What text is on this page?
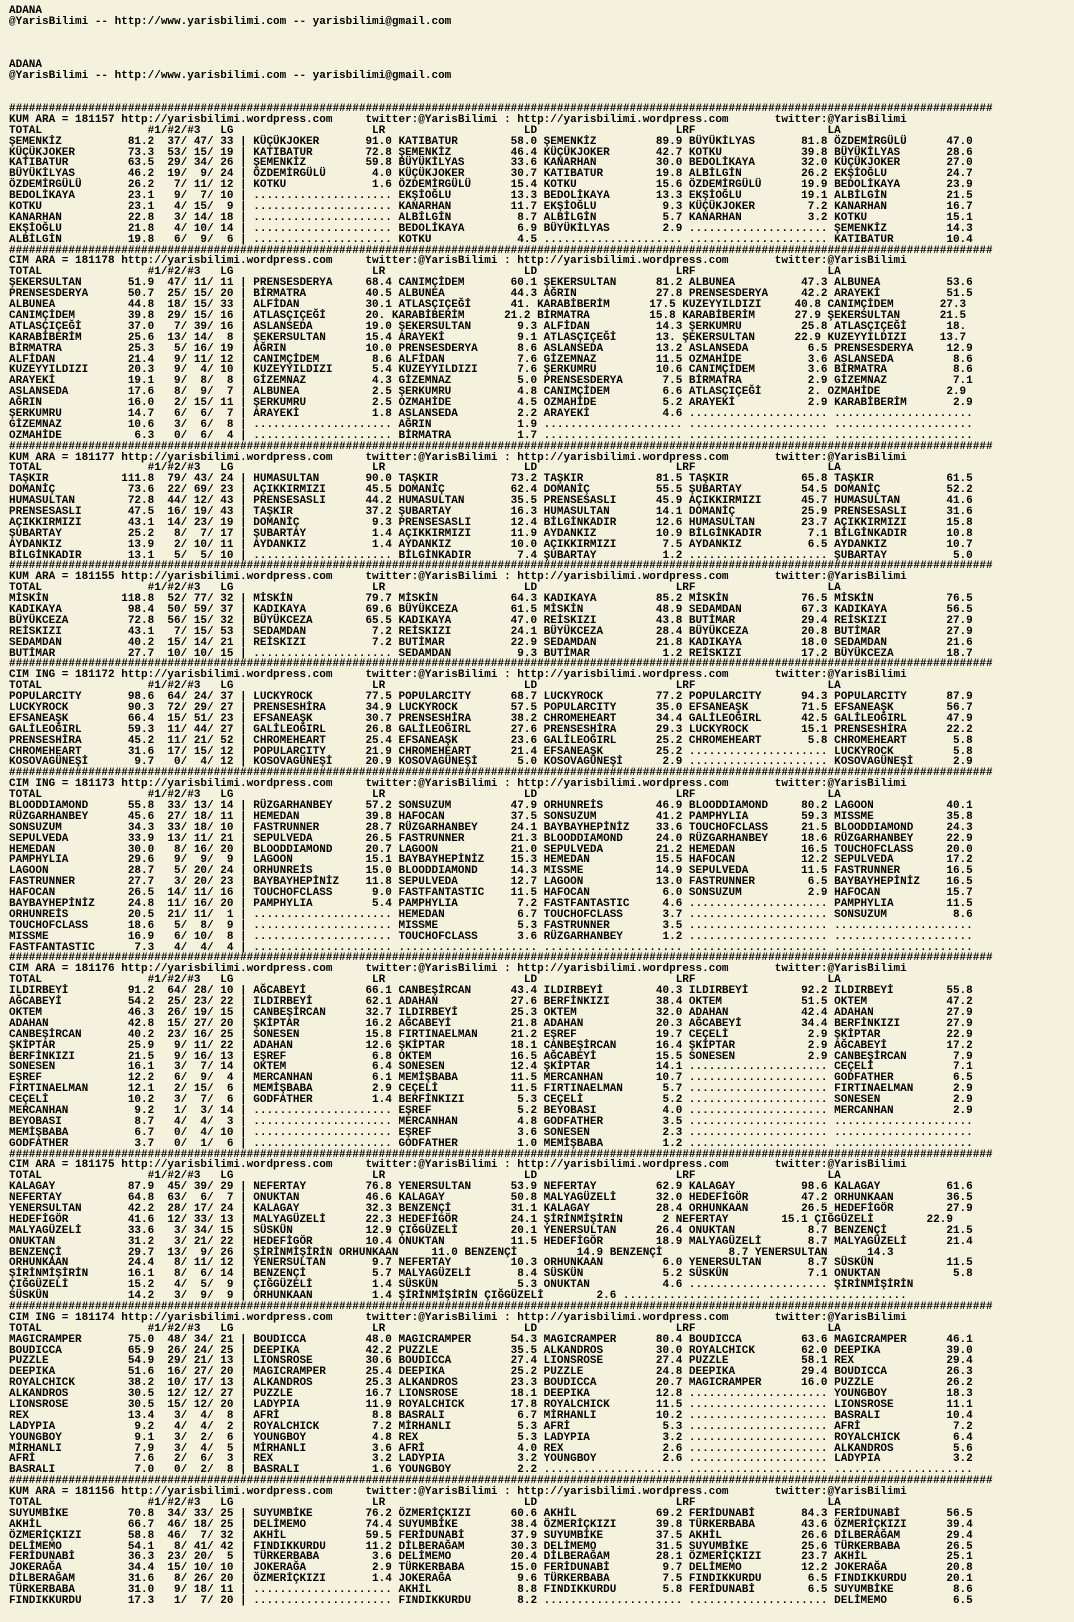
ADANA
@YarisBilimi -- http://www.yarisbilimi.com -- yarisbilimi@gmail.com
ADANA
@YarisBilimi -- http://www.yarisbilimi.com -- yarisbilimi@gmail.com
#####################################################################################################################################################
KUM ARA = 181157 http://yarisbilimi.wordpress.com     twitter:@YarisBilimi : http://yarisbilimi.wordpress.com       twitter:@YarisBilimi
TOTAL                #1/#2/#3   LG                     LR                     LD                     LRF                    LA
ŞEMENKİZ          81.2  37/ 47/ 33 | KÜÇÜKJOKER       91.0 KATIBATUR        58.0 ŞEMENKİZ         89.9 BÜYÜKİLYAS       81.8 ÖZDEMİRGÜLÜ      47.0
KÜÇÜKJOKER        73.3  53/ 15/ 19 | KATIBATUR        72.8 ŞEMENKİZ         46.4 KÜÇÜKJOKER       42.7 KOTKU            39.8 BÜYÜKİLYAS       28.6
KATIBATUR         63.5  29/ 34/ 26 | ŞEMENKİZ         59.8 BÜYÜKİLYAS       33.6 KANARHAN         30.0 BEDOLİKAYA       32.0 KÜÇÜKJOKER       27.0
BÜYÜKİLYAS        46.2  19/  9/ 24 | ÖZDEMİRGÜLÜ       4.0 KÜÇÜKJOKER       30.7 KATIBATUR        19.8 ALBİLGİN         26.2 EKŞİOĞLU         24.7
ÖZDEMİRGÜLÜ       26.2   7/ 11/ 12 | KOTKU             1.6 ÖZDEMİRGÜLÜ      15.4 KOTKU            15.6 ÖZDEMİRGÜLÜ      19.9 BEDOLİKAYA       23.9
BEDOLİKAYA        23.1   9/  7/ 10 | ..................... EKŞİOĞLU         13.3 BEDOLİKAYA       13.3 EKŞİOĞLU         19.1 ALBİLGİN         21.5
KOTKU             23.1   4/ 15/  9 | ..................... KANARHAN         11.7 EKŞİOĞLU          9.3 KÜÇÜKJOKER        7.2 KANARHAN         16.7
KANARHAN          22.8   3/ 14/ 18 | ..................... ALBİLGİN          8.7 ALBİLGİN          5.7 KANARHAN          3.2 KOTKU            15.1
EKŞİOĞLU          21.8   4/ 10/ 14 | ..................... BEDOLİKAYA        6.9 BÜYÜKİLYAS        2.9 ..................... ŞEMENKİZ         14.3
ALBİLGİN          19.8   6/  9/  6 | ..................... KOTKU             4.5 ..................... ..................... KATIBATUR        10.4
#####################################################################################################################################################
CIM ARA = 181178 http://yarisbilimi.wordpress.com     twitter:@YarisBilimi : http://yarisbilimi.wordpress.com       twitter:@YarisBilimi
TOTAL                #1/#2/#3   LG                     LR                     LD                     LRF                    LA
ŞEKERSULTAN       51.9  47/ 11/ 11 | PRENSESDERYA     68.4 CANIMÇİDEM       60.1 ŞEKERSULTAN      81.2 ALBUNEA          47.3 ALBUNEA          53.6
PRENSESDERYA      50.7  25/ 15/ 20 | BİRMATRA         40.5 ALBUNEA          44.3 AĞRIN            27.8 PRENSESDERYA     42.2 ARAYEKİ          51.5
ALBUNEA           44.8  18/ 15/ 33 | ALFİDAN          30.1 ATLASÇIÇEĞİ      41. KARABİBERİM      17.5 KUZEYYILDIZI     40.8 CANIMÇİDEM       27.3
CANIMÇİDEM        39.8  29/ 15/ 16 | ATLASÇIÇEĞİ      20. KARABİBERİM      21.2 BİRMATRA         15.8 KARABİBERİM      27.9 ŞEKERSULTAN      21.5
ATLASÇIÇEĞİ       37.0   7/ 39/ 16 | ASLANSEDA        19.0 ŞEKERSULTAN       9.3 ALFİDAN          14.3 ŞERKUMRU         25.8 ATLASÇIÇEĞİ      18.
KARABİBERİM       25.6  13/ 14/  8 | ŞEKERSULTAN      15.4 ARAYEKİ           9.1 ATLASÇIÇEĞİ      13. ŞEKERSULTAN      22.9 KUZEYYILDIZI     13.7
BİRMATRA          25.3   5/ 16/ 19 | AĞRIN            10.0 PRENSESDERYA      8.6 ASLANSEDA        13.2 ASLANSEDA         6.5 PRENSESDERYA     12.9
ALFİDAN           21.4   9/ 11/ 12 | CANIMÇİDEM        8.6 ALFİDAN           7.6 GİZEMNAZ         11.5 OZMAHİDE          3.6 ASLANSEDA         8.6
KUZEYYILDIZI      20.3   9/  4/ 10 | KUZEYYILDIZI      5.4 KUZEYYILDIZI      7.6 ŞERKUMRU         10.6 CANIMÇİDEM        3.6 BİRMATRA          8.6
ARAYEKİ           19.1   9/  8/  8 | GİZEMNAZ          4.3 GİZEMNAZ          5.0 PRENSESDERYA      7.5 BİRMATRA          2.9 GİZEMNAZ          7.1
ASLANSEDA         17.6   8/  9/  7 | ALBUNEA           2.5 ŞERKUMRU          4.8 CANIMÇİDEM        6.6 ATLASÇIÇEĞİ       2. OZMAHİDE          2.9
AĞRIN             16.0   2/ 15/ 11 | ŞERKUMRU          2.5 OZMAHİDE          4.5 OZMAHİDE          5.2 ARAYEKİ           2.9 KARABİBERİM       2.9
ŞERKUMRU          14.7   6/  6/  7 | ARAYEKİ           1.8 ASLANSEDA         2.2 ARAYEKİ           4.6 ..................... .....................
GİZEMNAZ          10.6   3/  6/  8 | ..................... AĞRIN             1.9 ..................... ..................... .....................
OZMAHİDE           6.3   0/  6/  4 | ..................... BİRMATRA          1.7 ..................... ..................... .....................
#####################################################################################################################################################
KUM ARA = 181177 http://yarisbilimi.wordpress.com     twitter:@YarisBilimi : http://yarisbilimi.wordpress.com       twitter:@YarisBilimi
TOTAL                #1/#2/#3   LG                     LR                     LD                     LRF                    LA
TAŞKIR           111.8  79/ 43/ 24 | HUMASULTAN       90.0 TAŞKIR           73.2 TAŞKIR           81.5 TAŞKIR           65.8 TAŞKIR           61.5
DOMANİÇ           73.6  22/ 69/ 23 | AÇIKKIRMIZI      45.5 DOMANİÇ          62.4 DOMANİÇ          55.5 ŞUBARTAY         54.5 DOMANİÇ          52.2
HUMASULTAN        72.8  44/ 12/ 43 | PRENSESASLI      44.2 HUMASULTAN       35.5 PRENSESASLI      45.9 AÇIKKIRMIZI      45.7 HUMASULTAN       41.6
PRENSESASLI       47.5  16/ 19/ 43 | TAŞKIR           37.2 ŞUBARTAY         16.3 HUMASULTAN       14.1 DOMANİÇ          25.9 PRENSESASLI      31.6
AÇIKKIRMIZI       43.1  14/ 23/ 19 | DOMANİÇ           9.3 PRENSESASLI      12.4 BİLGİNKADIR      12.6 HUMASULTAN       23.7 AÇIKKIRMIZI      15.8
ŞUBARTAY          25.2   8/  7/ 17 | ŞUBARTAY          1.4 AÇIKKIRMIZI      11.9 AYDANKIZ         10.9 BİLGİNKADIR       7.1 BİLGİNKADIR      10.8
AYDANKIZ          13.9   2/ 10/ 11 | AYDANKIZ          1.4 AYDANKIZ         10.0 AÇIKKIRMIZI       7.5 AYDANKIZ          6.5 AYDANKIZ         10.7
BİLGİNKADIR       13.1   5/  5/ 10 | ..................... BİLGİNKADIR       7.4 ŞUBARTAY          1.2 ..................... ŞUBARTAY          5.0
#####################################################################################################################################################
KUM ARA = 181155 http://yarisbilimi.wordpress.com     twitter:@YarisBilimi : http://yarisbilimi.wordpress.com       twitter:@YarisBilimi
TOTAL                #1/#2/#3   LG                     LR                     LD                     LRF                    LA
MİSKİN           118.8  52/ 77/ 32 | MİSKİN           79.7 MİSKİN           64.3 KADIKAYA         85.2 MİSKİN           76.5 MİSKİN           76.5
KADIKAYA          98.4  50/ 59/ 37 | KADIKAYA         69.6 BÜYÜKCEZA        61.5 MİSKİN           48.9 SEDAMDAN         67.3 KADIKAYA         56.5
BÜYÜKCEZA         72.8  56/ 15/ 32 | BÜYÜKCEZA        65.5 KADIKAYA         47.0 REİSKIZI         43.8 BUTİMAR          29.4 REİSKIZI         27.9
REİSKIZI          43.1   7/ 15/ 53 | SEDAMDAN          7.2 REİSKIZI         24.1 BÜYÜKCEZA        28.4 BÜYÜKCEZA        20.8 BUTİMAR          27.9
SEDAMDAN          40.2  15/ 14/ 21 | REİSKIZI          7.2 BUTİMAR          22.9 SEDAMDAN         21.8 KADIKAYA         18.0 SEDAMDAN         21.6
BUTİMAR           27.7  10/ 10/ 15 | ..................... SEDAMDAN          9.3 BUTİMAR           1.2 REİSKIZI         17.2 BÜYÜKCEZA        18.7
#####################################################################################################################################################
CIM ING = 181172 http://yarisbilimi.wordpress.com     twitter:@YarisBilimi : http://yarisbilimi.wordpress.com       twitter:@YarisBilimi
TOTAL                #1/#2/#3   LG                     LR                     LD                     LRF                    LA
POPULARCITY       98.6  64/ 24/ 37 | LUCKYROCK        77.5 POPULARCITY      68.7 LUCKYROCK        77.2 POPULARCITY      94.3 POPULARCITY      87.9
LUCKYROCK         90.3  72/ 29/ 27 | PRENSESHİRA      34.9 LUCKYROCK        57.5 POPULARCITY      35.0 EFSANEAŞK        71.5 EFSANEAŞK        56.7
EFSANEAŞK         66.4  15/ 51/ 23 | EFSANEAŞK        30.7 PRENSESHİRA      38.2 CHROMEHEART      34.4 GALİLEOĞIRL      42.5 GALİLEOĞIRL      47.9
GALİLEOĞIRL       59.3  11/ 44/ 27 | GALİLEOĞIRL      26.8 GALİLEOĞIRL      27.6 PRENSESHİRA      29.3 LUCKYROCK        15.1 PRENSESHİRA      22.2
PRENSESHİRA       45.2  11/ 21/ 52 | CHROMEHEART      25.4 EFSANEAŞK        23.6 GALİLEOĞIRL      25.2 CHROMEHEART       5.8 CHROMEHEART       5.8
CHROMEHEART       31.6  17/ 15/ 12 | POPULARCITY      21.9 CHROMEHEART      21.4 EFSANEAŞK        25.2 ..................... LUCKYROCK         5.8
KOSOVAGÜNEŞİ       9.7   0/  4/ 12 | KOSOVAGÜNEŞİ     20.9 KOSOVAGÜNEŞİ      5.0 KOSOVAGÜNEŞİ      2.9 ..................... KOSOVAGÜNEŞİ      2.9
#####################################################################################################################################################
CIM ING = 181173 http://yarisbilimi.wordpress.com     twitter:@YarisBilimi : http://yarisbilimi.wordpress.com       twitter:@YarisBilimi
TOTAL                #1/#2/#3   LG                     LR                     LD                     LRF                    LA
BLOODDIAMOND      55.8  33/ 13/ 14 | RÜZGARHANBEY     57.2 SONSUZUM         47.9 ORHUNREİS        46.9 BLOODDIAMOND     80.2 LAGOON           40.1
RÜZGARHANBEY      45.6  27/ 18/ 11 | HEMEDAN          39.8 HAFOCAN          37.5 SONSUZUM         41.2 PAMPHYLIA        59.3 MISSME           35.8
SONSUZUM          34.3  33/ 18/ 10 | FASTRUNNER       28.7 RÜZGARHANBEY     24.1 BAYBAYHEPİNİZ    33.6 TOUCHOFCLASS     21.5 BLOODDIAMOND     24.3
SEPULVEDA         33.9  13/ 11/ 21 | SEPULVEDA        26.5 FASTRUNNER       21.3 BLOODDIAMOND     24.0 RÜZGARHANBEY     18.6 RÜZGARHANBEY     22.9
HEMEDAN           30.0   8/ 16/ 20 | BLOODDIAMOND     20.7 LAGOON           21.0 SEPULVEDA        21.2 HEMEDAN          16.5 TOUCHOFCLASS     20.0
PAMPHYLIA         29.6   9/  9/  9 | LAGOON           15.1 BAYBAYHEPİNİZ    15.3 HEMEDAN          15.5 HAFOCAN          12.2 SEPULVEDA        17.2
LAGOON            28.7   5/ 20/ 24 | ORHUNREİS        15.0 BLOODDIAMOND     14.3 MISSME           14.9 SEPULVEDA        11.5 FASTRUNNER       16.5
FASTRUNNER        27.7   3/ 20/ 23 | BAYBAYHEPİNİZ    11.8 SEPULVEDA        12.7 LAGOON           13.0 FASTRUNNER        6.5 BAYBAYHEPİNİZ    16.5
HAFOCAN           26.5  14/ 11/ 16 | TOUCHOFCLASS      9.0 FASTFANTASTIC    11.5 HAFOCAN           6.0 SONSUZUM          2.9 HAFOCAN          15.7
BAYBAYHEPİNİZ     24.8  11/ 16/ 20 | PAMPHYLIA         5.4 PAMPHYLIA         7.2 FASTFANTASTIC     4.6 ..................... PAMPHYLIA        11.5
ORHUNREİS         20.5  21/ 11/  1 | ..................... HEMEDAN           6.7 TOUCHOFCLASS      3.7 ..................... SONSUZUM          8.6
TOUCHOFCLASS      18.6   5/  8/  9 | ..................... MISSME            5.3 FASTRUNNER        3.5 ..................... .....................
MISSME            16.9   6/ 10/  8 | ..................... TOUCHOFCLASS      3.6 RÜZGARHANBEY      1.2 ..................... .....................
FASTFANTASTIC      7.3   4/  4/  4 | ..................... ..................... ..................... ..................... .....................
#####################################################################################################################################################
CIM ARA = 181176 http://yarisbilimi.wordpress.com     twitter:@YarisBilimi : http://yarisbilimi.wordpress.com       twitter:@YarisBilimi
TOTAL                #1/#2/#3   LG                     LR                     LD                     LRF                    LA
ILDIRBEYİ         91.2  64/ 28/ 10 | AĞCABEYİ         66.1 CANBEŞİRCAN      43.4 ILDIRBEYİ        40.3 ILDIRBEYİ        92.2 ILDIRBEYİ        55.8
AĞCABEYİ          54.2  25/ 23/ 22 | ILDIRBEYİ        62.1 ADAHAN           27.6 BERFİNKIZI       38.4 OKTEM            51.5 OKTEM            47.2
OKTEM             46.3  26/ 19/ 15 | CANBEŞİRCAN      32.7 ILDIRBEYİ        25.3 OKTEM            32.0 ADAHAN           42.4 ADAHAN           27.9
ADAHAN            42.8  15/ 27/ 20 | ŞKİPTAR          16.2 AĞCABEYİ         21.8 ADAHAN           20.3 AĞCABEYİ         34.4 BERFİNKIZI       27.9
CANBEŞİRCAN       40.2  23/ 16/ 25 | SONESEN          15.8 FIRTINAELMAN     21.2 EŞREF            19.7 CEÇELİ            2.9 ŞKİPTAR          22.9
ŞKİPTAR           25.9   9/ 11/ 22 | ADAHAN           12.6 ŞKİPTAR          18.1 CANBEŞİRCAN      16.4 ŞKİPTAR           2.9 AĞCABEYİ         17.2
BERFİNKIZI        21.5   9/ 16/ 13 | EŞREF             6.8 OKTEM            16.5 AĞCABEYİ         15.5 SONESEN           2.9 CANBEŞİRCAN       7.9
SONESEN           16.1   3/  7/ 14 | OKTEM             6.4 SONESEN          12.4 ŞKİPTAR          14.1 ..................... CEÇELİ            7.1
EŞREF             12.2   6/  9/  4 | MERCANHAN         6.1 MEMİŞBABA        11.5 MERCANHAN        10.7 ..................... GODFATHER         6.5
FIRTINAELMAN      12.1   2/ 15/  6 | MEMİŞBABA         2.9 CEÇELİ           11.5 FIRTINAELMAN      5.7 ..................... FIRTINAELMAN      2.9
CEÇELİ            10.2   3/  7/  6 | GODFATHER         1.4 BERFİNKIZI        5.3 CEÇELİ            5.2 ..................... SONESEN           2.9
MERCANHAN          9.2   1/  3/ 14 | ..................... EŞREF             5.2 BEYOBASI          4.0 ..................... MERCANHAN         2.9
BEYOBASI           8.7   4/  4/  3 | ..................... MERCANHAN         4.8 GODFATHER         3.5 ..................... .....................
MEMİŞBABA          6.7   0/  4/ 10 | ..................... EŞREF             3.6 SONESEN           2.3 ..................... .....................
GODFATHER          3.7   0/  1/  6 | ..................... GODFATHER         1.0 MEMİŞBABA         1.2 ..................... .....................
#####################################################################################################################################################
CIM ARA = 181175 http://yarisbilimi.wordpress.com     twitter:@YarisBilimi : http://yarisbilimi.wordpress.com       twitter:@YarisBilimi
TOTAL                #1/#2/#3   LG                     LR                     LD                     LRF                    LA
KALAGAY           87.9  45/ 39/ 29 | NEFERTAY         76.8 YENERSULTAN      53.9 NEFERTAY         62.9 KALAGAY          98.6 KALAGAY          61.6
NEFERTAY          64.8  63/  6/  7 | ONUKTAN          46.6 KALAGAY          50.8 MALYAGÜZELİ      32.0 HEDEFİGÖR        47.2 ORHUNKAAN        36.5
YENERSULTAN       42.2  28/ 17/ 24 | KALAGAY          32.3 BENZENÇİ         31.1 KALAGAY          28.4 ORHUNKAAN        26.5 HEDEFİGÖR        27.9
HEDEFİGÖR         41.6  12/ 33/ 13 | MALYAGÜZELİ      22.3 HEDEFİGÖR        24.1 ŞİRİNMİŞİRİN      2 NEFERTAY        15.1 ÇIĞGÜZELİ        22.9
MALYAGÜZELİ       33.6   3/ 34/ 15 | SÜSKÜN           12.9 ÇIĞGÜZELİ        20.1 YENERSULTAN      26.4 ONUKTAN           8.7 BENZENÇİ         21.5
ONUKTAN           31.2   3/ 21/ 22 | HEDEFİGÖR        10.4 ONUKTAN          11.5 HEDEFİGÖR        18.9 MALYAGÜZELİ       8.7 MALYAGÜZELİ      21.4
BENZENÇİ          29.7  13/  9/ 26 | ŞİRİNMİŞİRİN ORHUNKAAN     11.0 BENZENÇİ         14.9 BENZENÇİ          8.7 YENERSULTAN      14.3
ORHUNKAAN         24.4   8/ 11/ 12 | YENERSULTAN       9.7 NEFERTAY         10.3 ORHUNKAAN         6.0 YENERSULTAN       8.7 SÜSKÜN           11.5
ŞİRİNMİŞİRİN      16.1   8/  6/ 14 | BENZENÇİ          5.7 MALYAGÜZELİ       8.4 SÜSKÜN            5.2 SÜSKÜN            7.1 ONUKTAN           5.8
ÇIĞGÜZELİ         15.2   4/  5/  9 | ÇIĞGÜZELİ         1.4 SÜSKÜN            5.3 ONUKTAN           4.6 ..................... ŞİRİNMİŞİRİN
SÜSKÜN            14.2   3/  9/  9 | ORHUNKAAN         1.4 ŞİRİNMİŞİRİN ÇIĞGÜZELİ        2.6 ..................... .....................
#####################################################################################################################################################
CIM ING = 181174 http://yarisbilimi.wordpress.com     twitter:@YarisBilimi : http://yarisbilimi.wordpress.com       twitter:@YarisBilimi
TOTAL                #1/#2/#3   LG                     LR                     LD                     LRF                    LA
MAGICRAMPER       75.0  48/ 34/ 21 | BOUDICCA         48.0 MAGICRAMPER      54.3 MAGICRAMPER      80.4 BOUDICCA         63.6 MAGICRAMPER      46.1
BOUDICCA          65.9  26/ 24/ 25 | DEEPIKA          42.2 PUZZLE           35.5 ALKANDROS        30.0 ROYALCHICK       62.0 DEEPIKA          39.0
PUZZLE            54.9  29/ 21/ 13 | LIONSROSE        30.6 BOUDICCA         27.4 LIONSROSE        27.4 PUZZLE           58.1 REX              29.4
DEEPIKA           51.6  16/ 27/ 20 | MAGICRAMPER      25.4 DEEPIKA          25.2 PUZZLE           24.8 DEEPIKA          29.4 BOUDICCA         26.3
ROYALCHICK        38.2  10/ 17/ 13 | ALKANDROS        25.3 ALKANDROS        23.3 BOUDICCA         20.7 MAGICRAMPER      16.0 PUZZLE           26.2
ALKANDROS         30.5  12/ 12/ 27 | PUZZLE           16.7 LIONSROSE        18.1 DEEPIKA          12.8 ..................... YOUNGBOY         18.3
LIONSROSE         30.5  15/ 12/ 20 | LADYPIA          11.9 ROYALCHICK       17.8 ROYALCHICK       11.5 ..................... LIONSROSE        11.1
REX               13.4   3/  4/  8 | AFRİ              8.8 BASRALI           6.7 MİRHANLI         10.2 ..................... BASRALI          10.4
LADYPIA            9.2   4/  4/  2 | ROYALCHICK        7.2 MİRHANLI          5.3 AFRİ              5.3 ..................... AFRİ              7.2
YOUNGBOY           9.1   3/  2/  6 | YOUNGBOY          4.8 REX               5.3 LADYPIA           3.2 ..................... ROYALCHICK        6.4
MİRHANLI           7.9   3/  4/  5 | MİRHANLI          3.6 AFRİ              4.0 REX               2.6 ..................... ALKANDROS         5.6
AFRİ               7.6   2/  6/  3 | REX               3.2 LADYPIA           3.2 YOUNGBOY          2.6 ..................... LADYPIA           3.2
BASRALI            7.0   0/  2/  8 | BASRALI           1.6 YOUNGBOY          2.2 ..................... ..................... .....................
#####################################################################################################################################################
KUM ARA = 181156 http://yarisbilimi.wordpress.com     twitter:@YarisBilimi : http://yarisbilimi.wordpress.com       twitter:@YarisBilimi
TOTAL                #1/#2/#3   LG                     LR                     LD                     LRF                    LA
SUYUMBİKE         70.8  34/ 33/ 25 | SUYUMBİKE        76.2 ÖZMERİÇKIZI      60.6 AKHİL            69.2 FERİDUNABİ       84.3 FERİDUNABİ       56.5
AKHİL             66.7  46/ 18/ 25 | DELİMEMO         74.4 SUYUMBİKE        38.4 ÖZMERİÇKIZI      39.8 TÜRKERBABA       43.6 ÖZMERİÇKIZI      39.4
ÖZMERİÇKIZI       58.8  46/  7/ 32 | AKHİL            59.5 FERİDUNABİ       37.9 SUYUMBİKE        37.5 AKHİL            26.6 DİLBERAĞAM       29.4
DELİMEMO          54.1   8/ 41/ 42 | FINDIKKURDU      11.2 DİLBERAĞAM       30.3 DELİMEMO         31.5 SUYUMBİKE        25.6 TÜRKERBABA       26.5
FERİDUNABİ        36.3  23/ 20/  5 | TÜRKERBABA        3.6 DELİMEMO         20.4 DİLBERAĞAM       28.1 ÖZMERİÇKIZI      23.7 AKHİL            25.1
JOKERAĞA          34.4  15/ 10/ 10 | JOKERAĞA          2.9 TÜRKERBABA       15.0 FERİDUNABİ        9.7 DELİMEMO         12.2 JOKERAĞA         20.8
DİLBERAĞAM        31.6   8/ 26/ 20 | ÖZMERİÇKIZI       1.4 JOKERAĞA          9.6 TÜRKERBABA        7.5 FINDIKKURDU       6.5 FINDIKKURDU      20.1
TÜRKERBABA        31.0   9/ 18/ 11 | ..................... AKHİL             8.8 FINDIKKURDU       5.8 FERİDUNABİ        6.5 SUYUMBİKE         8.6
FINDIKKURDU       17.3   1/  7/ 20 | ..................... FINDIKKURDU       8.2 ..................... ..................... DELİMEMO          6.5
